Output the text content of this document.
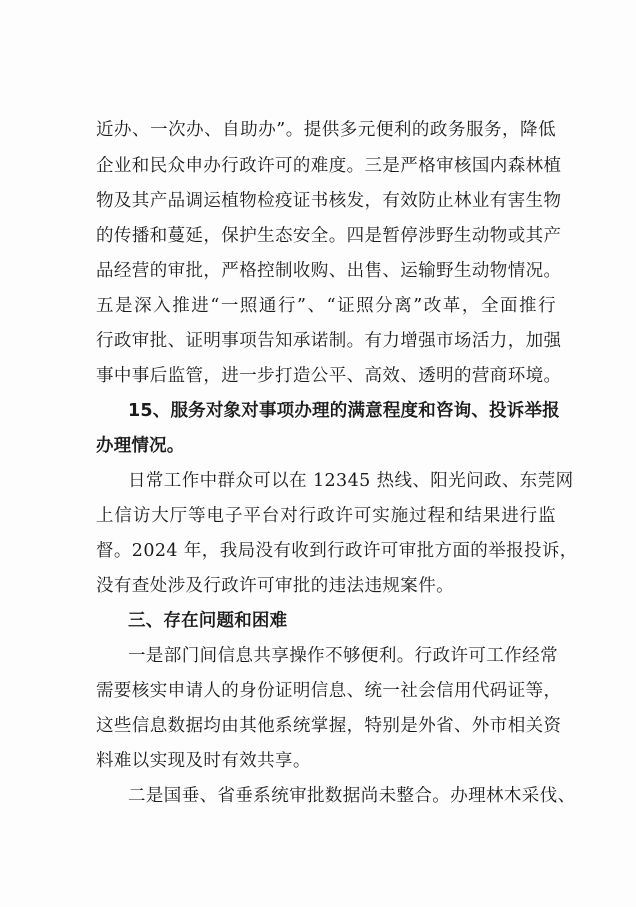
近办、一次办、自助办”。提供多元便利的政务服务，降低
企业和民众申办行政许可的难度。三是严格审核国内森林植
物及其产品调运植物检疫证书核发，有效防止林业有害生物
的传播和蔓延，保护生态安全。四是暂停涉野生动物或其产
品经营的审批，严格控制收购、出售、运输野生动物情况。
五是深入推进“一照通行”、“证照分离”改革，全面推行
行政审批、证明事项告知承诺制。有力增强市场活力，加强
事中事后监管，进一步打造公平、高效、透明的营商环境。
15、服务对象对事项办理的满意程度和咨询、投诉举报
办理情况。
日常工作中群众可以在 12345 热线、阳光问政、东莞网
上信访大厅等电子平台对行政许可实施过程和结果进行监
督。2024 年，我局没有收到行政许可审批方面的举报投诉，
没有查处涉及行政许可审批的违法违规案件。
三、存在问题和困难
一是部门间信息共享操作不够便利。行政许可工作经常
需要核实申请人的身份证明信息、统一社会信用代码证等，
这些信息数据均由其他系统掌握，特别是外省、外市相关资
料难以实现及时有效共享。
二是国垂、省垂系统审批数据尚未整合。办理林木采伐、
